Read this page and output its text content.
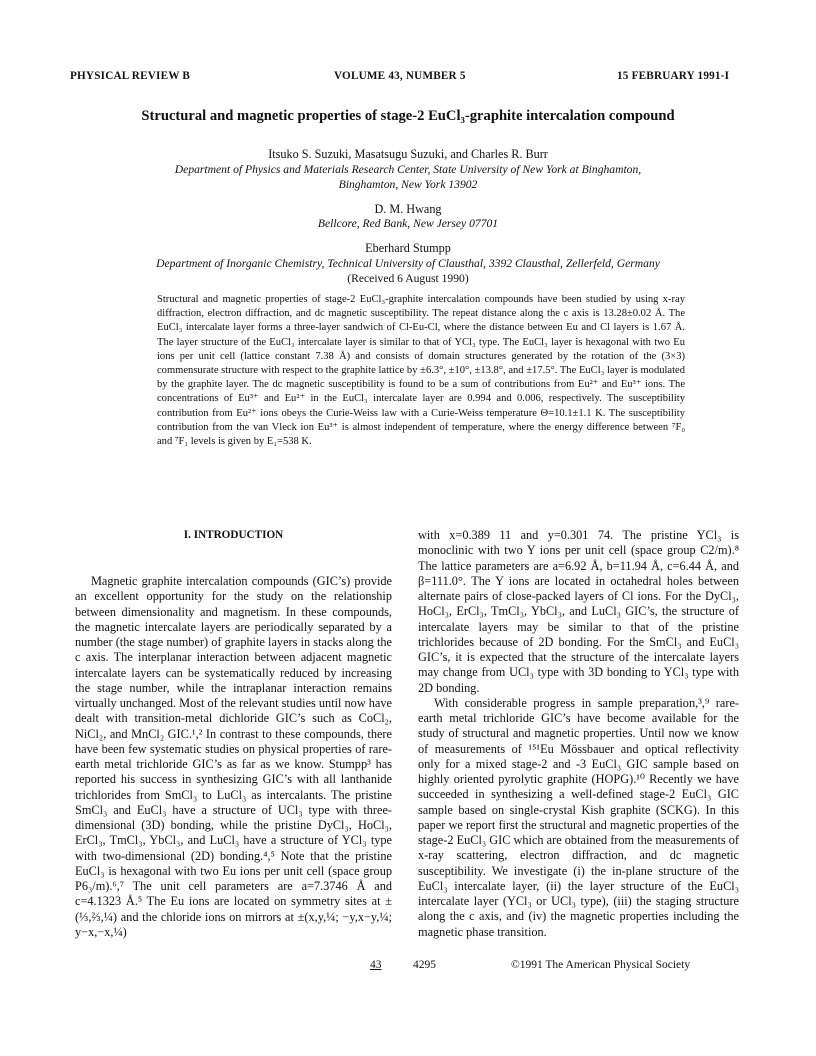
PHYSICAL REVIEW B	VOLUME 43, NUMBER 5	15 FEBRUARY 1991-I
Structural and magnetic properties of stage-2 EuCl₃-graphite intercalation compound
Itsuko S. Suzuki, Masatsugu Suzuki, and Charles R. Burr
Department of Physics and Materials Research Center, State University of New York at Binghamton,
Binghamton, New York 13902
D. M. Hwang
Bellcore, Red Bank, New Jersey 07701
Eberhard Stumpp
Department of Inorganic Chemistry, Technical University of Clausthal, 3392 Clausthal, Zellerfeld, Germany
(Received 6 August 1990)
Structural and magnetic properties of stage-2 EuCl₃-graphite intercalation compounds have been studied by using x-ray diffraction, electron diffraction, and dc magnetic susceptibility. The repeat distance along the c axis is 13.28±0.02 Å. The EuCl₃ intercalate layer forms a three-layer sandwich of Cl-Eu-Cl, where the distance between Eu and Cl layers is 1.67 Å. The layer structure of the EuCl₃ intercalate layer is similar to that of YCl₃ type. The EuCl₃ layer is hexagonal with two Eu ions per unit cell (lattice constant 7.38 Å) and consists of domain structures generated by the rotation of the (3×3) commensurate structure with respect to the graphite lattice by ±6.3°, ±10°, ±13.8°, and ±17.5°. The EuCl₃ layer is modulated by the graphite layer. The dc magnetic susceptibility is found to be a sum of contributions from Eu²⁺ and Eu³⁺ ions. The concentrations of Eu³⁺ and Eu²⁺ in the EuCl₃ intercalate layer are 0.994 and 0.006, respectively. The susceptibility contribution from Eu²⁺ ions obeys the Curie-Weiss law with a Curie-Weiss temperature Θ=10.1±1.1 K. The susceptibility contribution from the van Vleck ion Eu³⁺ is almost independent of temperature, where the energy difference between ⁷F₀ and ⁷F₁ levels is given by E₁=538 K.
I. INTRODUCTION

Magnetic graphite intercalation compounds (GIC’s) provide an excellent opportunity for the study on the relationship between dimensionality and magnetism. In these compounds, the magnetic intercalate layers are periodically separated by a number (the stage number) of graphite layers in stacks along the c axis. The interplanar interaction between adjacent magnetic intercalate layers can be systematically reduced by increasing the stage number, while the intraplanar interaction remains virtually unchanged. Most of the relevant studies until now have dealt with transition-metal dichloride GIC’s such as CoCl₂, NiCl₂, and MnCl₂ GIC.¹,² In contrast to these compounds, there have been few systematic studies on physical properties of rare-earth metal trichloride GIC’s as far as we know. Stumpp³ has reported his success in synthesizing GIC’s with all lanthanide trichlorides from SmCl₃ to LuCl₃ as intercalants. The pristine SmCl₃ and EuCl₃ have a structure of UCl₃ type with three-dimensional (3D) bonding, while the pristine DyCl₃, HoCl₃, ErCl₃, TmCl₃, YbCl₃, and LuCl₃ have a structure of YCl₃ type with two-dimensional (2D) bonding.⁴,⁵ Note that the pristine EuCl₃ is hexagonal with two Eu ions per unit cell (space group P6₃/m).⁶,⁷ The unit cell parameters are a=7.3746 Å and c=4.1323 Å.⁵ The Eu ions are located on symmetry sites at ±(⅓,⅔,¼) and the chloride ions on mirrors at ±(x,y,¼; −y,x−y,¼; y−x,−x,¼)

with x=0.389 11 and y=0.301 74. The pristine YCl₃ is monoclinic with two Y ions per unit cell (space group C2/m).⁸ The lattice parameters are a=6.92 Å, b=11.94 Å, c=6.44 Å, and β=111.0°. The Y ions are located in octahedral holes between alternate pairs of close-packed layers of Cl ions. For the DyCl₃, HoCl₃, ErCl₃, TmCl₃, YbCl₃, and LuCl₃ GIC’s, the structure of intercalate layers may be similar to that of the pristine trichlorides because of 2D bonding. For the SmCl₃ and EuCl₃ GIC’s, it is expected that the structure of the intercalate layers may change from UCl₃ type with 3D bonding to YCl₃ type with 2D bonding.

With considerable progress in sample preparation,³,⁹ rare-earth metal trichloride GIC’s have become available for the study of structural and magnetic properties. Until now we know of measurements of ¹⁵¹Eu Mössbauer and optical reflectivity only for a mixed stage-2 and -3 EuCl₃ GIC sample based on highly oriented pyrolytic graphite (HOPG).¹⁰ Recently we have succeeded in synthesizing a well-defined stage-2 EuCl₃ GIC sample based on single-crystal Kish graphite (SCKG). In this paper we report first the structural and magnetic properties of the stage-2 EuCl₃ GIC which are obtained from the measurements of x-ray scattering, electron diffraction, and dc magnetic susceptibility. We investigate (i) the in-plane structure of the EuCl₃ intercalate layer, (ii) the layer structure of the EuCl₃ intercalate layer (YCl₃ or UCl₃ type), (iii) the staging structure along the c axis, and (iv) the magnetic properties including the magnetic phase transition.

43	4295	©1991 The American Physical Society
